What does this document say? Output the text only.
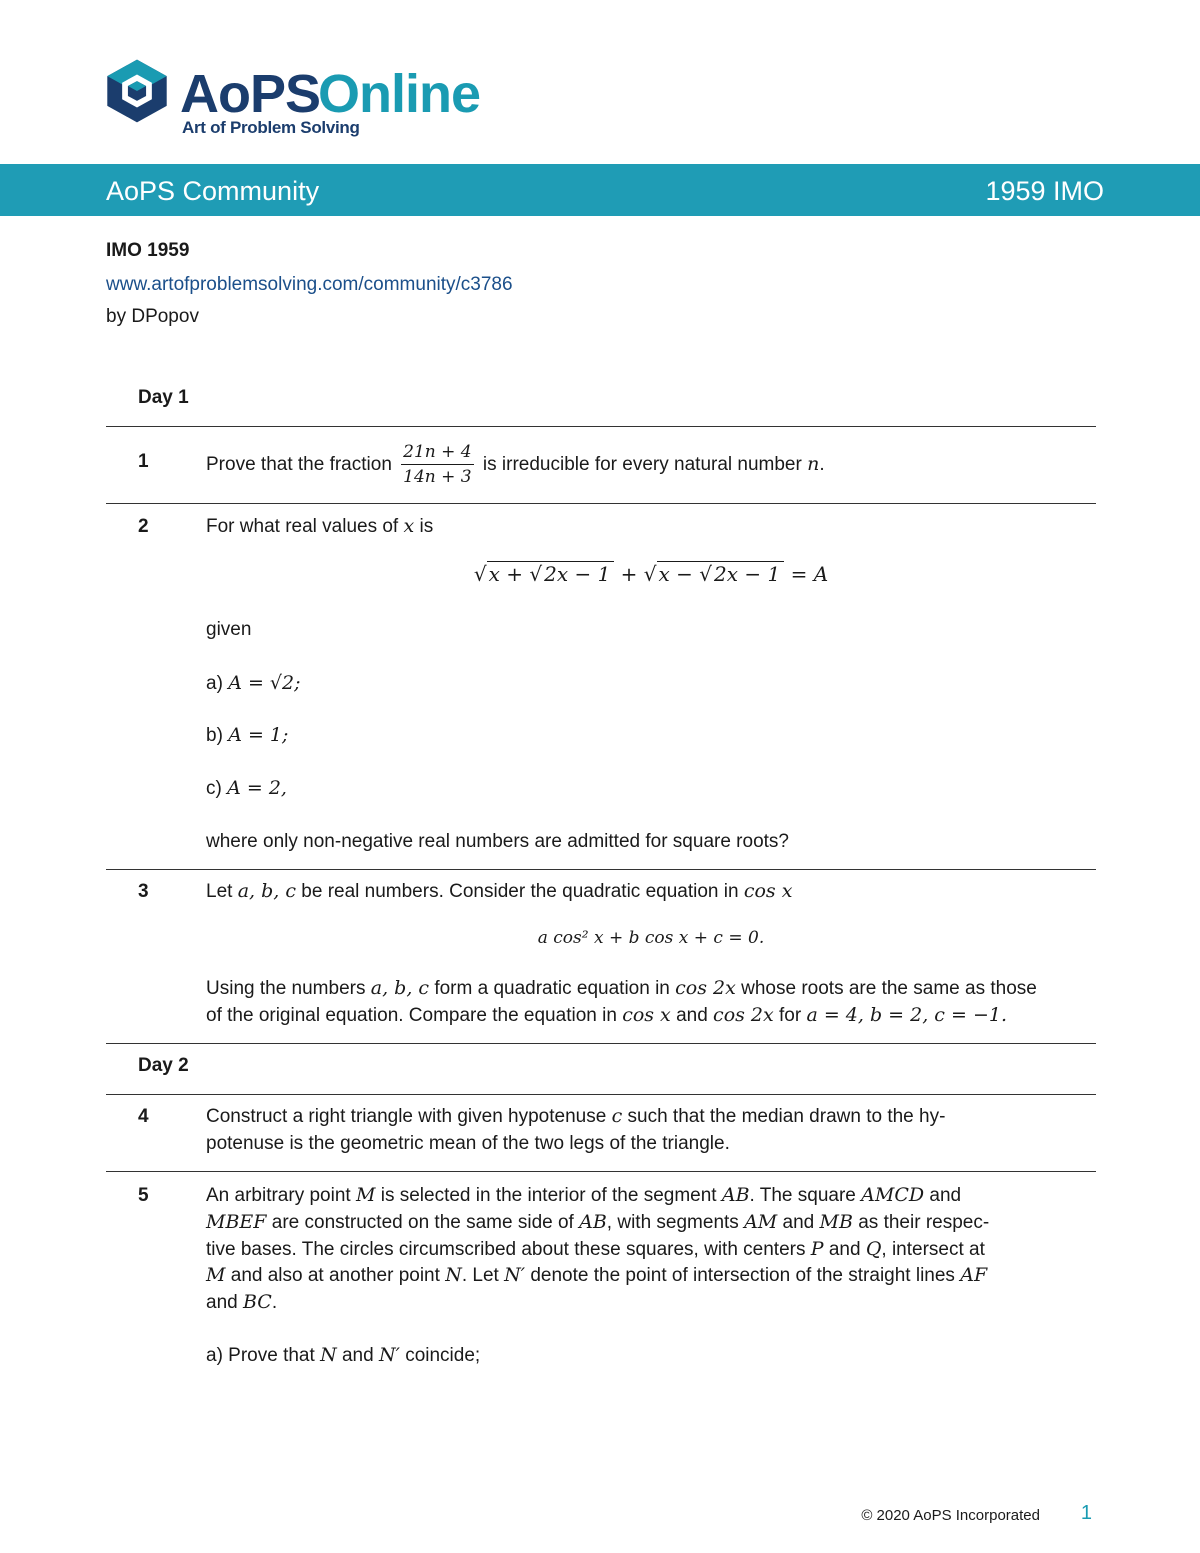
AoPS
Online
Art of Problem Solving
AoPS Community	1959 IMO
IMO 1959
www.artofproblemsolving.com/community/c3786
by DPopov
Day 1
1	Prove that the fraction $\frac{21n + 4}{14n + 3}$ is irreducible for every natural number n.
2	For what real values of x is
√ x + √ 2x − 1 + √ x − √ 2x − 1 = A
given
a) A = √2;
b) A = 1;
c) A = 2,
where only non-negative real numbers are admitted for square roots?
3	Let a, b, c be real numbers. Consider the quadratic equation in cos x
a cos² x + b cos x + c = 0.
Using the numbers a, b, c form a quadratic equation in cos 2x whose roots are the same as those
of the original equation. Compare the equation in cos x and cos 2x for a = 4, b = 2, c = −1.
Day 2
4	Construct a right triangle with given hypotenuse c such that the median drawn to the hy-
potenuse is the geometric mean of the two legs of the triangle.
5	An arbitrary point M is selected in the interior of the segment AB. The square AMCD and
MBEF are constructed on the same side of AB, with segments AM and MB as their respec-
tive bases. The circles circumscribed about these squares, with centers P and Q, intersect at
M and also at another point N. Let N′ denote the point of intersection of the straight lines AF
and BC.
a) Prove that N and N′ coincide;
© 2020 AoPS Incorporated 1
